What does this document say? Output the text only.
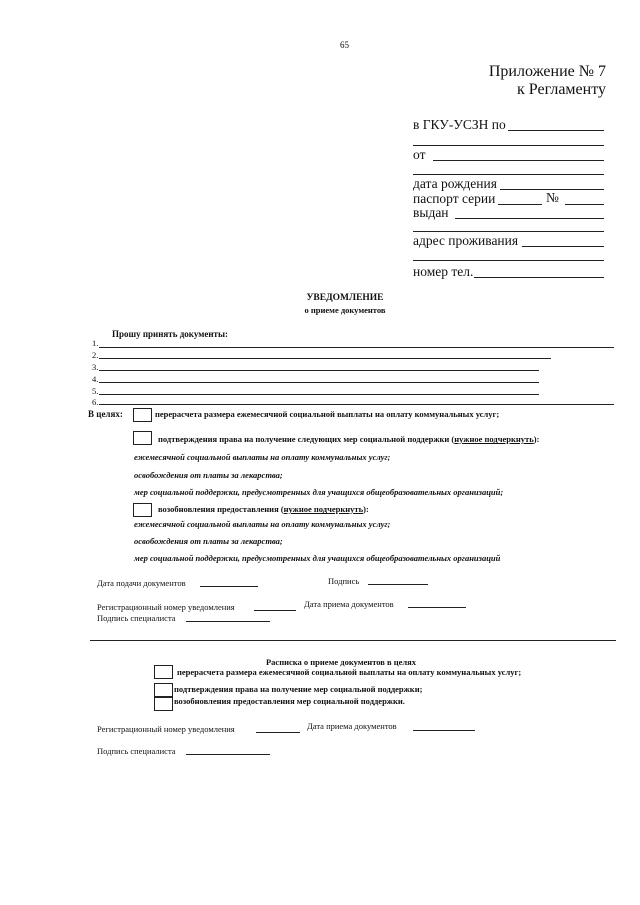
65
Приложение № 7
к Регламенту
в ГКУ-УСЗН по
от
дата рождения
паспорт серии	№
выдан
адрес проживания
номер тел.
УВЕДОМЛЕНИЕ
о приеме документов
Прошу принять документы:
1.
2.
3.
4.
5.
6.
В целях:	перерасчета размера ежемесячной социальной выплаты на оплату коммунальных услуг;
подтверждения права на получение следующих мер социальной поддержки (нужное подчеркнуть):
ежемесячной социальной выплаты на оплату коммунальных услуг;
освобождения от платы за лекарства;
мер социальной поддержки, предусмотренных для учащихся общеобразовательных организаций;
возобновления предоставления (нужное подчеркнуть):
ежемесячной социальной выплаты на оплату коммунальных услуг;
освобождения от платы за лекарства;
мер социальной поддержки, предусмотренных для учащихся общеобразовательных организаций
Дата подачи документов	Подпись
Регистрационный номер уведомления	Дата приема документов
Подпись специалиста
Расписка о приеме документов в целях
перерасчета размера ежемесячной социальной выплаты на оплату коммунальных услуг;
подтверждения права на получение мер социальной поддержки;
возобновления предоставления мер социальной поддержки.
Регистрационный номер уведомления	Дата приема документов
Подпись специалиста
